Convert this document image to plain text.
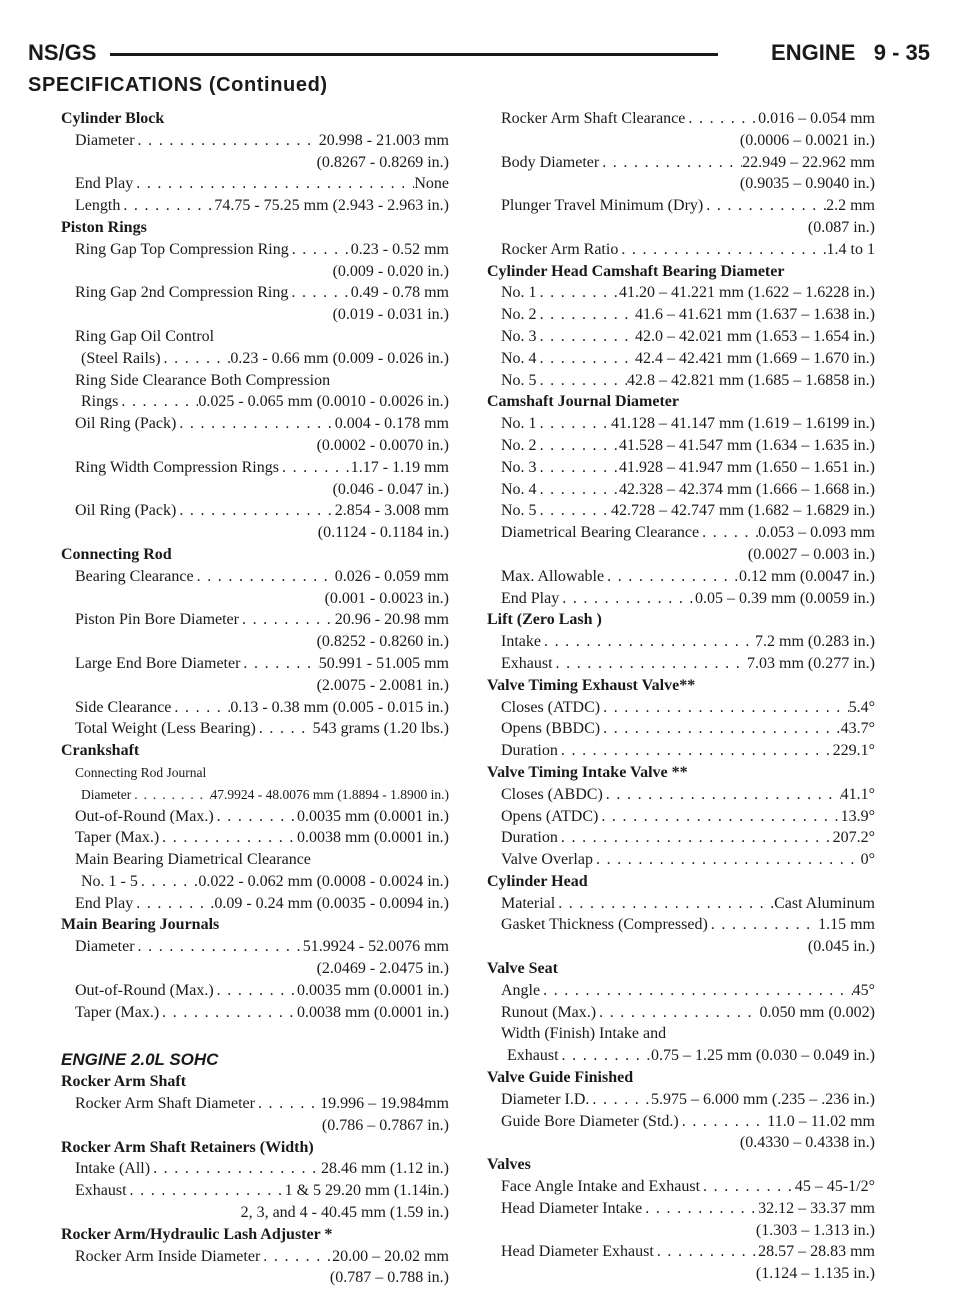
NS/GS	ENGINE   9 - 35
SPECIFICATIONS (Continued)
Cylinder Block
Diameter . . .	20.998 - 21.003 mm
(0.8267 - 0.8269 in.)
End Play . . .	None
Length . . .	74.75 - 75.25 mm (2.943 - 2.963 in.)
Piston Rings
Ring Gap Top Compression Ring . . .	0.23 - 0.52 mm
(0.009 - 0.020 in.)
Ring Gap 2nd Compression Ring . . .	0.49 - 0.78 mm
(0.019 - 0.031 in.)
Ring Gap Oil Control
(Steel Rails) . . .	0.23 - 0.66 mm (0.009 - 0.026 in.)
Ring Side Clearance Both Compression
Rings . . .	0.025 - 0.065 mm (0.0010 - 0.0026 in.)
Oil Ring (Pack) . . .	0.004 - 0.178 mm
(0.0002 - 0.0070 in.)
Ring Width Compression Rings . . .	1.17 - 1.19 mm
(0.046 - 0.047 in.)
Oil Ring (Pack) . . .	2.854 - 3.008 mm
(0.1124 - 0.1184 in.)
Connecting Rod
Bearing Clearance . . .	0.026 - 0.059 mm
(0.001 - 0.0023 in.)
Piston Pin Bore Diameter . . .	20.96 - 20.98 mm
(0.8252 - 0.8260 in.)
Large End Bore Diameter . . .	50.991 - 51.005 mm
(2.0075 - 2.0081 in.)
Side Clearance . . .	0.13 - 0.38 mm (0.005 - 0.015 in.)
Total Weight (Less Bearing) . . .	543 grams (1.20 lbs.)
Crankshaft
Connecting Rod Journal
Diameter . . .	47.9924 - 48.0076 mm (1.8894 - 1.8900 in.)
Out-of-Round (Max.) . . .	0.0035 mm (0.0001 in.)
Taper (Max.) . . .	0.0038 mm (0.0001 in.)
Main Bearing Diametrical Clearance
No. 1 - 5 . . .	0.022 - 0.062 mm (0.0008 - 0.0024 in.)
End Play . . .	0.09 - 0.24 mm (0.0035 - 0.0094 in.)
Main Bearing Journals
Diameter . . .	51.9924 - 52.0076 mm
(2.0469 - 2.0475 in.)
Out-of-Round (Max.) . . .	0.0035 mm (0.0001 in.)
Taper (Max.) . . .	0.0038 mm (0.0001 in.)
ENGINE 2.0L SOHC
Rocker Arm Shaft
Rocker Arm Shaft Diameter . . .	19.996 – 19.984mm
(0.786 – 0.7867 in.)
Rocker Arm Shaft Retainers (Width)
Intake (All) . . .	28.46 mm (1.12 in.)
Exhaust . . .	1 & 5 29.20 mm (1.14in.)
2, 3, and 4 - 40.45 mm (1.59 in.)
Rocker Arm/Hydraulic Lash Adjuster *
Rocker Arm Inside Diameter . . .	20.00 – 20.02 mm
(0.787 – 0.788 in.)
Rocker Arm Shaft Clearance . . .	0.016 – 0.054 mm
(0.0006 – 0.0021 in.)
Body Diameter . . .	22.949 – 22.962 mm
(0.9035 – 0.9040 in.)
Plunger Travel Minimum (Dry) . . .	2.2 mm
(0.087 in.)
Rocker Arm Ratio . . .	1.4 to 1
Cylinder Head Camshaft Bearing Diameter
No. 1 . . .	41.20 – 41.221 mm (1.622 – 1.6228 in.)
No. 2 . . .	41.6 – 41.621 mm (1.637 – 1.638 in.)
No. 3 . . .	42.0 – 42.021 mm (1.653 – 1.654 in.)
No. 4 . . .	42.4 – 42.421 mm (1.669 – 1.670 in.)
No. 5 . . .	42.8 – 42.821 mm (1.685 – 1.6858 in.)
Camshaft Journal Diameter
No. 1 . . .	41.128 – 41.147 mm (1.619 – 1.6199 in.)
No. 2 . . .	41.528 – 41.547 mm (1.634 – 1.635 in.)
No. 3 . . .	41.928 – 41.947 mm (1.650 – 1.651 in.)
No. 4 . . .	42.328 – 42.374 mm (1.666 – 1.668 in.)
No. 5 . . .	42.728 – 42.747 mm (1.682 – 1.6829 in.)
Diametrical Bearing Clearance . . .	0.053 – 0.093 mm
(0.0027 – 0.003 in.)
Max. Allowable . . .	0.12 mm (0.0047 in.)
End Play . . .	0.05 – 0.39 mm (0.0059 in.)
Lift (Zero Lash )
Intake . . .	7.2 mm (0.283 in.)
Exhaust . . .	7.03 mm (0.277 in.)
Valve Timing Exhaust Valve**
Closes (ATDC) . . .	5.4°
Opens (BBDC) . . .	43.7°
Duration . . .	229.1°
Valve Timing Intake Valve **
Closes (ABDC) . . .	41.1°
Opens (ATDC) . . .	13.9°
Duration . . .	207.2°
Valve Overlap . . .	0°
Cylinder Head
Material . . .	Cast Aluminum
Gasket Thickness (Compressed) . . .	1.15 mm
(0.045 in.)
Valve Seat
Angle . . .	45°
Runout (Max.) . . .	0.050 mm (0.002)
Width (Finish) Intake and
Exhaust . . .	0.75 – 1.25 mm (0.030 – 0.049 in.)
Valve Guide Finished
Diameter I.D. . . .	5.975 – 6.000 mm (.235 – .236 in.)
Guide Bore Diameter (Std.) . . .	11.0 – 11.02 mm
(0.4330 – 0.4338 in.)
Valves
Face Angle Intake and Exhaust . . .	45 – 45-1/2°
Head Diameter Intake . . .	32.12 – 33.37 mm
(1.303 – 1.313 in.)
Head Diameter Exhaust . . .	28.57 – 28.83 mm
(1.124 – 1.135 in.)
